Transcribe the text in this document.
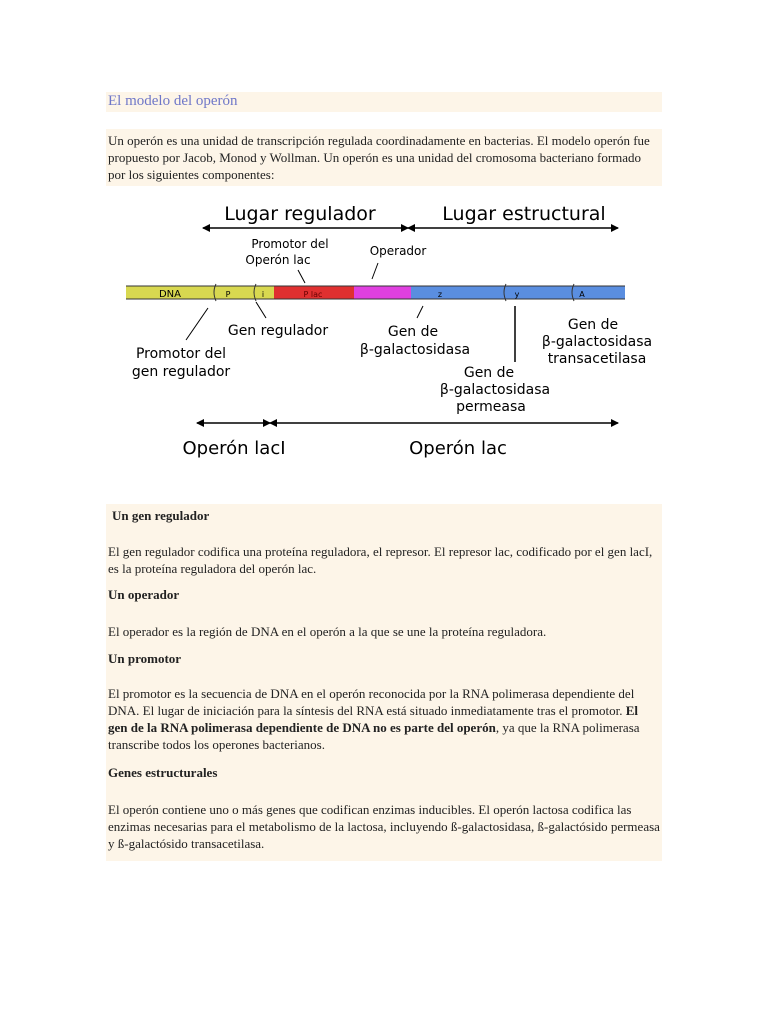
El modelo del operón
Un operón es una unidad de transcripción regulada coordinadamente en bacterias. El modelo operón fue propuesto por Jacob, Monod y Wollman. Un operón es una unidad del cromosoma bacteriano formado por los siguientes componentes:
Lugar regulador	Lugar estructural
Promotor del
Operón lac
Operador
DNA	P	i	P lac	z	y	A
Gen regulador
Promotor del
gen regulador
Gen de
β-galactosidasa
Gen de
β-galactosidasa
transacetilasa
Gen de
β-galactosidasa
permeasa
Operón lacI	Operón lac
Un gen regulador
El gen regulador codifica una proteína reguladora, el represor. El represor lac, codificado por el gen lacI, es la proteína reguladora del operón lac.
Un operador
El operador es la región de DNA en el operón a la que se une la proteína reguladora.
Un promotor
El promotor es la secuencia de DNA en el operón reconocida por la RNA polimerasa dependiente del DNA. El lugar de iniciación para la síntesis del RNA está situado inmediatamente tras el promotor. El gen de la RNA polimerasa dependiente de DNA no es parte del operón, ya que la RNA polimerasa transcribe todos los operones bacterianos.
Genes estructurales
El operón contiene uno o más genes que codifican enzimas inducibles. El operón lactosa codifica las enzimas necesarias para el metabolismo de la lactosa, incluyendo ß-galactosidasa, ß-galactósido permeasa y ß-galactósido transacetilasa.
